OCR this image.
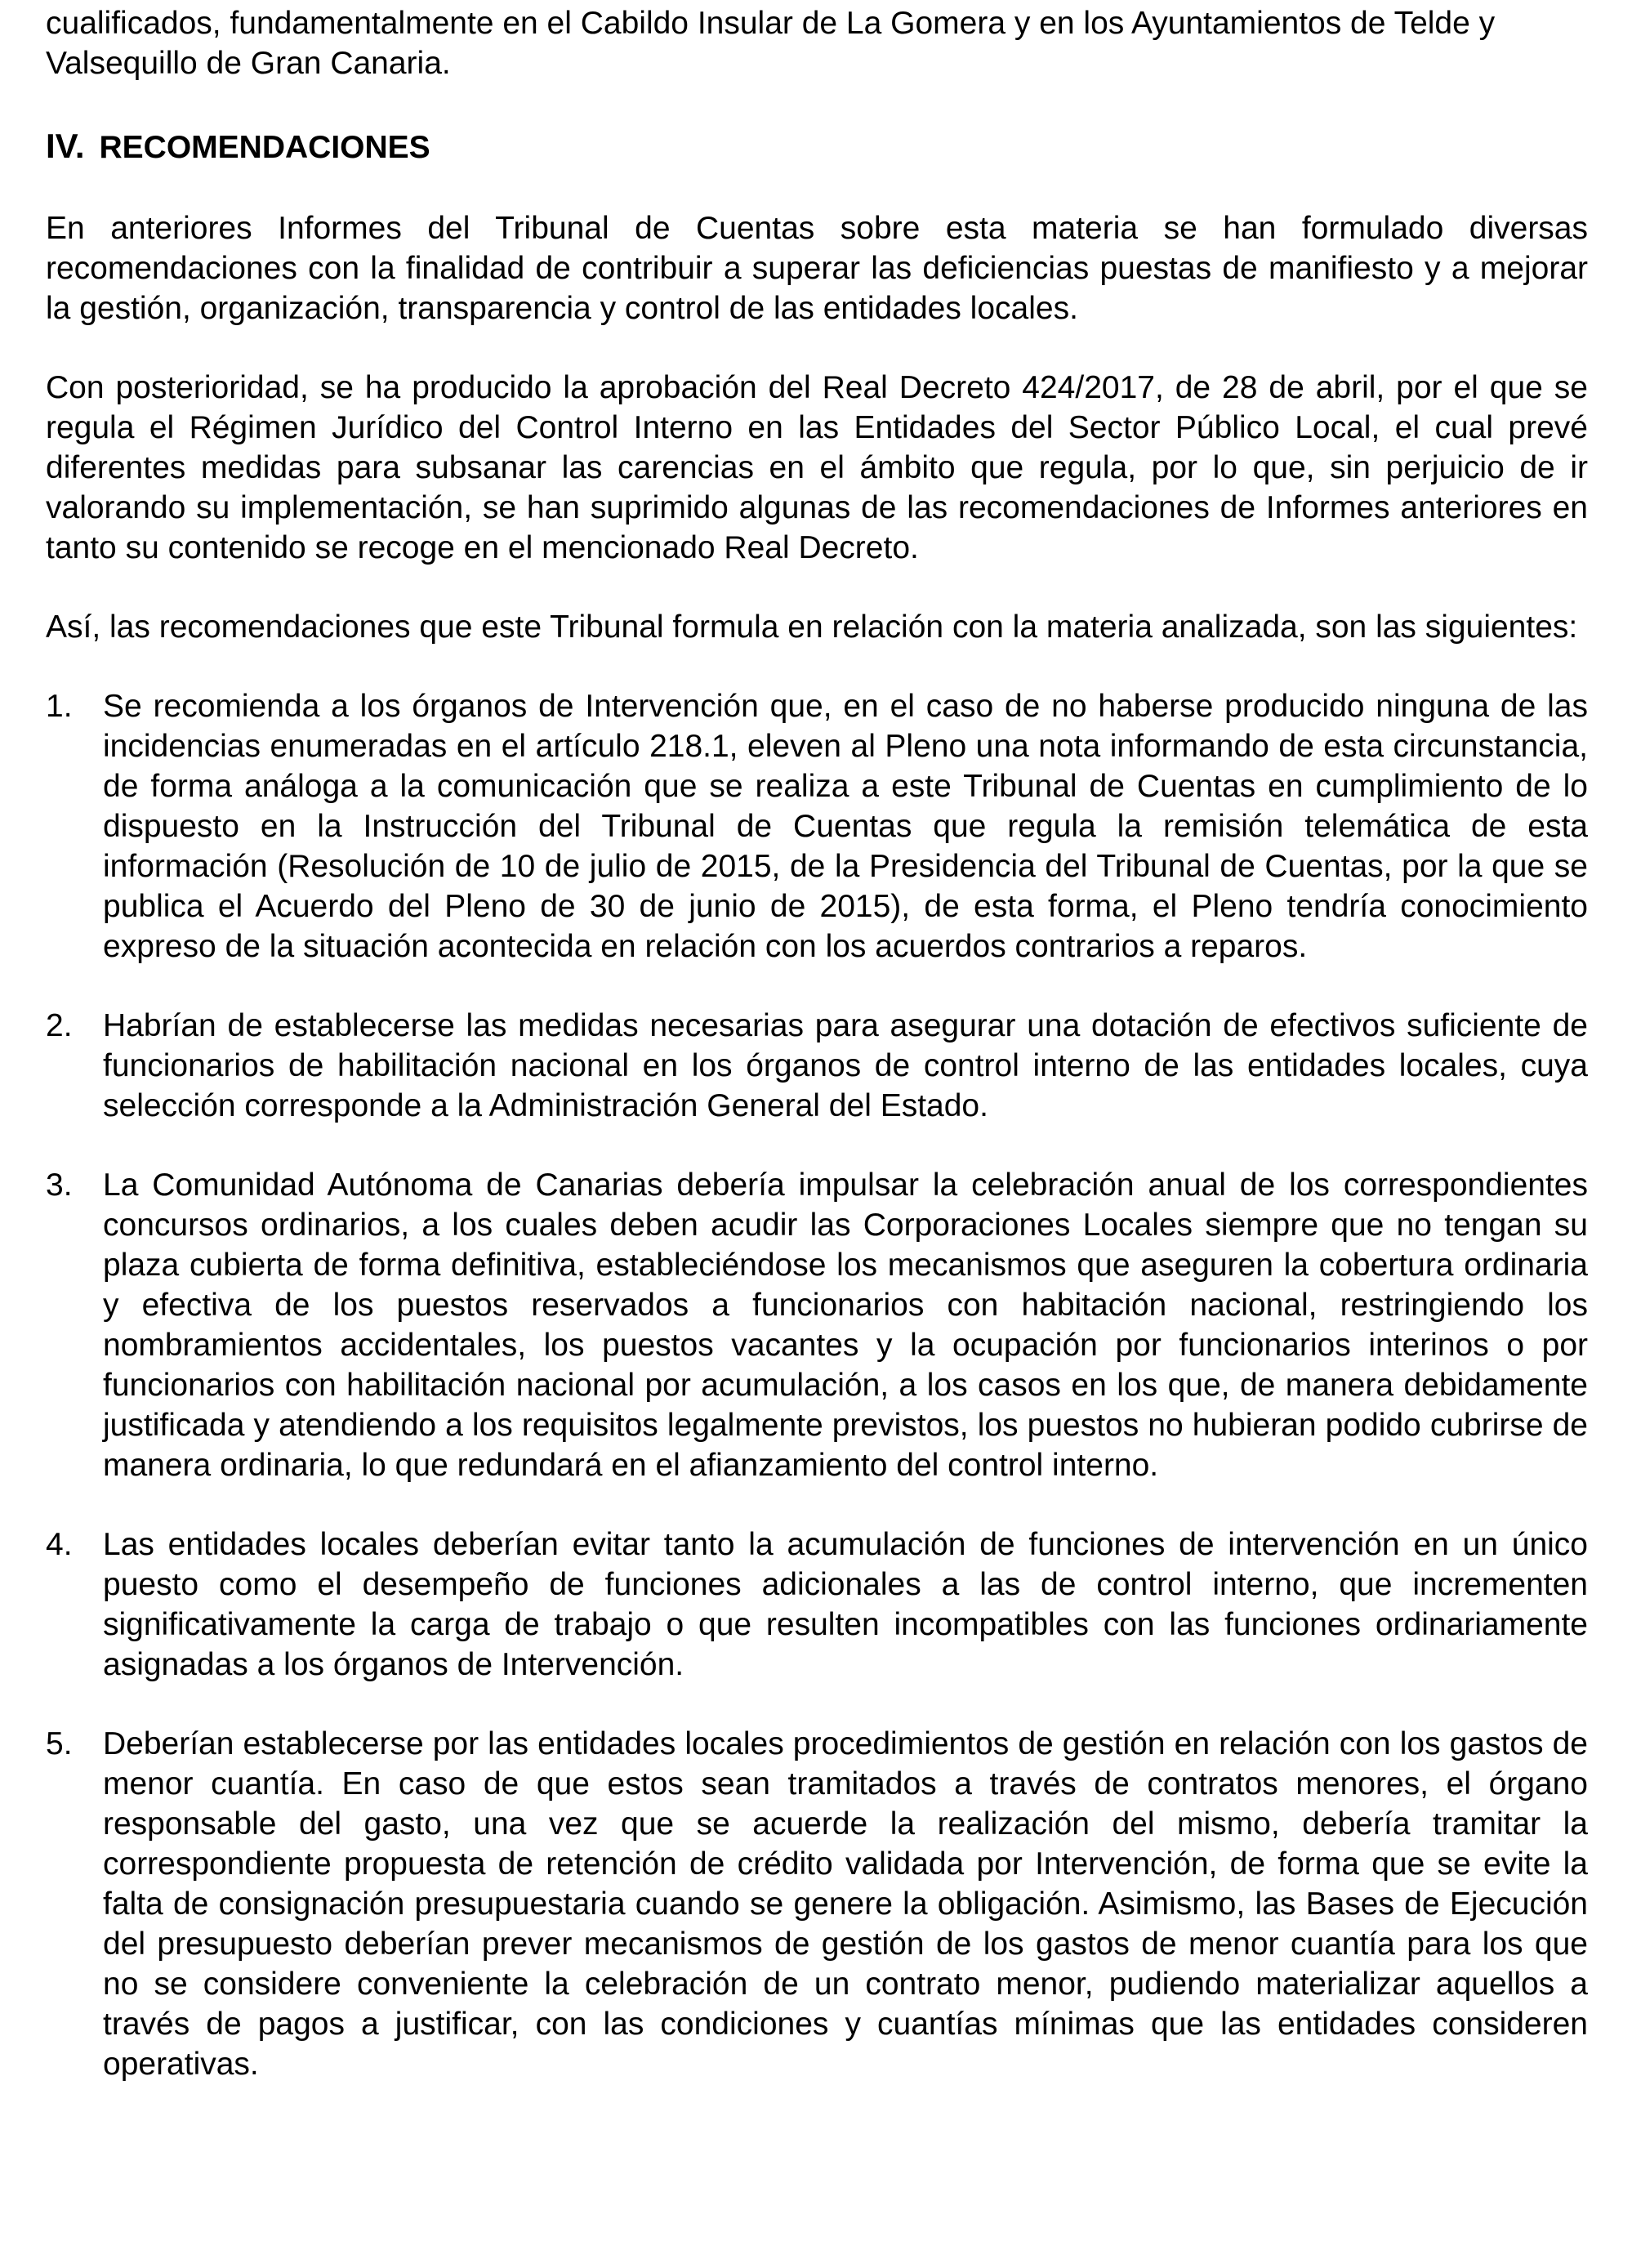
cualificados, fundamentalmente en el Cabildo Insular de La Gomera y en los Ayuntamientos de Telde y Valsequillo de Gran Canaria.

IV. RECOMENDACIONES

En anteriores Informes del Tribunal de Cuentas sobre esta materia se han formulado diversas recomendaciones con la finalidad de contribuir a superar las deficiencias puestas de manifiesto y a mejorar la gestión, organización, transparencia y control de las entidades locales.

Con posterioridad, se ha producido la aprobación del Real Decreto 424/2017, de 28 de abril, por el que se regula el Régimen Jurídico del Control Interno en las Entidades del Sector Público Local, el cual prevé diferentes medidas para subsanar las carencias en el ámbito que regula, por lo que, sin perjuicio de ir valorando su implementación, se han suprimido algunas de las recomendaciones de Informes anteriores en tanto su contenido se recoge en el mencionado Real Decreto.

Así, las recomendaciones que este Tribunal formula en relación con la materia analizada, son las siguientes:

1. Se recomienda a los órganos de Intervención que, en el caso de no haberse producido ninguna de las incidencias enumeradas en el artículo 218.1, eleven al Pleno una nota informando de esta circunstancia, de forma análoga a la comunicación que se realiza a este Tribunal de Cuentas en cumplimiento de lo dispuesto en la Instrucción del Tribunal de Cuentas que regula la remisión telemática de esta información (Resolución de 10 de julio de 2015, de la Presidencia del Tribunal de Cuentas, por la que se publica el Acuerdo del Pleno de 30 de junio de 2015), de esta forma, el Pleno tendría conocimiento expreso de la situación acontecida en relación con los acuerdos contrarios a reparos.
2. Habrían de establecerse las medidas necesarias para asegurar una dotación de efectivos suficiente de funcionarios de habilitación nacional en los órganos de control interno de las entidades locales, cuya selección corresponde a la Administración General del Estado.
3. La Comunidad Autónoma de Canarias debería impulsar la celebración anual de los correspondientes concursos ordinarios, a los cuales deben acudir las Corporaciones Locales siempre que no tengan su plaza cubierta de forma definitiva, estableciéndose los mecanismos que aseguren la cobertura ordinaria y efectiva de los puestos reservados a funcionarios con habitación nacional, restringiendo los nombramientos accidentales, los puestos vacantes y la ocupación por funcionarios interinos o por funcionarios con habilitación nacional por acumulación, a los casos en los que, de manera debidamente justificada y atendiendo a los requisitos legalmente previstos, los puestos no hubieran podido cubrirse de manera ordinaria, lo que redundará en el afianzamiento del control interno.
4. Las entidades locales deberían evitar tanto la acumulación de funciones de intervención en un único puesto como el desempeño de funciones adicionales a las de control interno, que incrementen significativamente la carga de trabajo o que resulten incompatibles con las funciones ordinariamente asignadas a los órganos de Intervención.
5. Deberían establecerse por las entidades locales procedimientos de gestión en relación con los gastos de menor cuantía. En caso de que estos sean tramitados a través de contratos menores, el órgano responsable del gasto, una vez que se acuerde la realización del mismo, debería tramitar la correspondiente propuesta de retención de crédito validada por Intervención, de forma que se evite la falta de consignación presupuestaria cuando se genere la obligación. Asimismo, las Bases de Ejecución del presupuesto deberían prever mecanismos de gestión de los gastos de menor cuantía para los que no se considere conveniente la celebración de un contrato menor, pudiendo materializar aquellos a través de pagos a justificar, con las condiciones y cuantías mínimas que las entidades consideren operativas.
